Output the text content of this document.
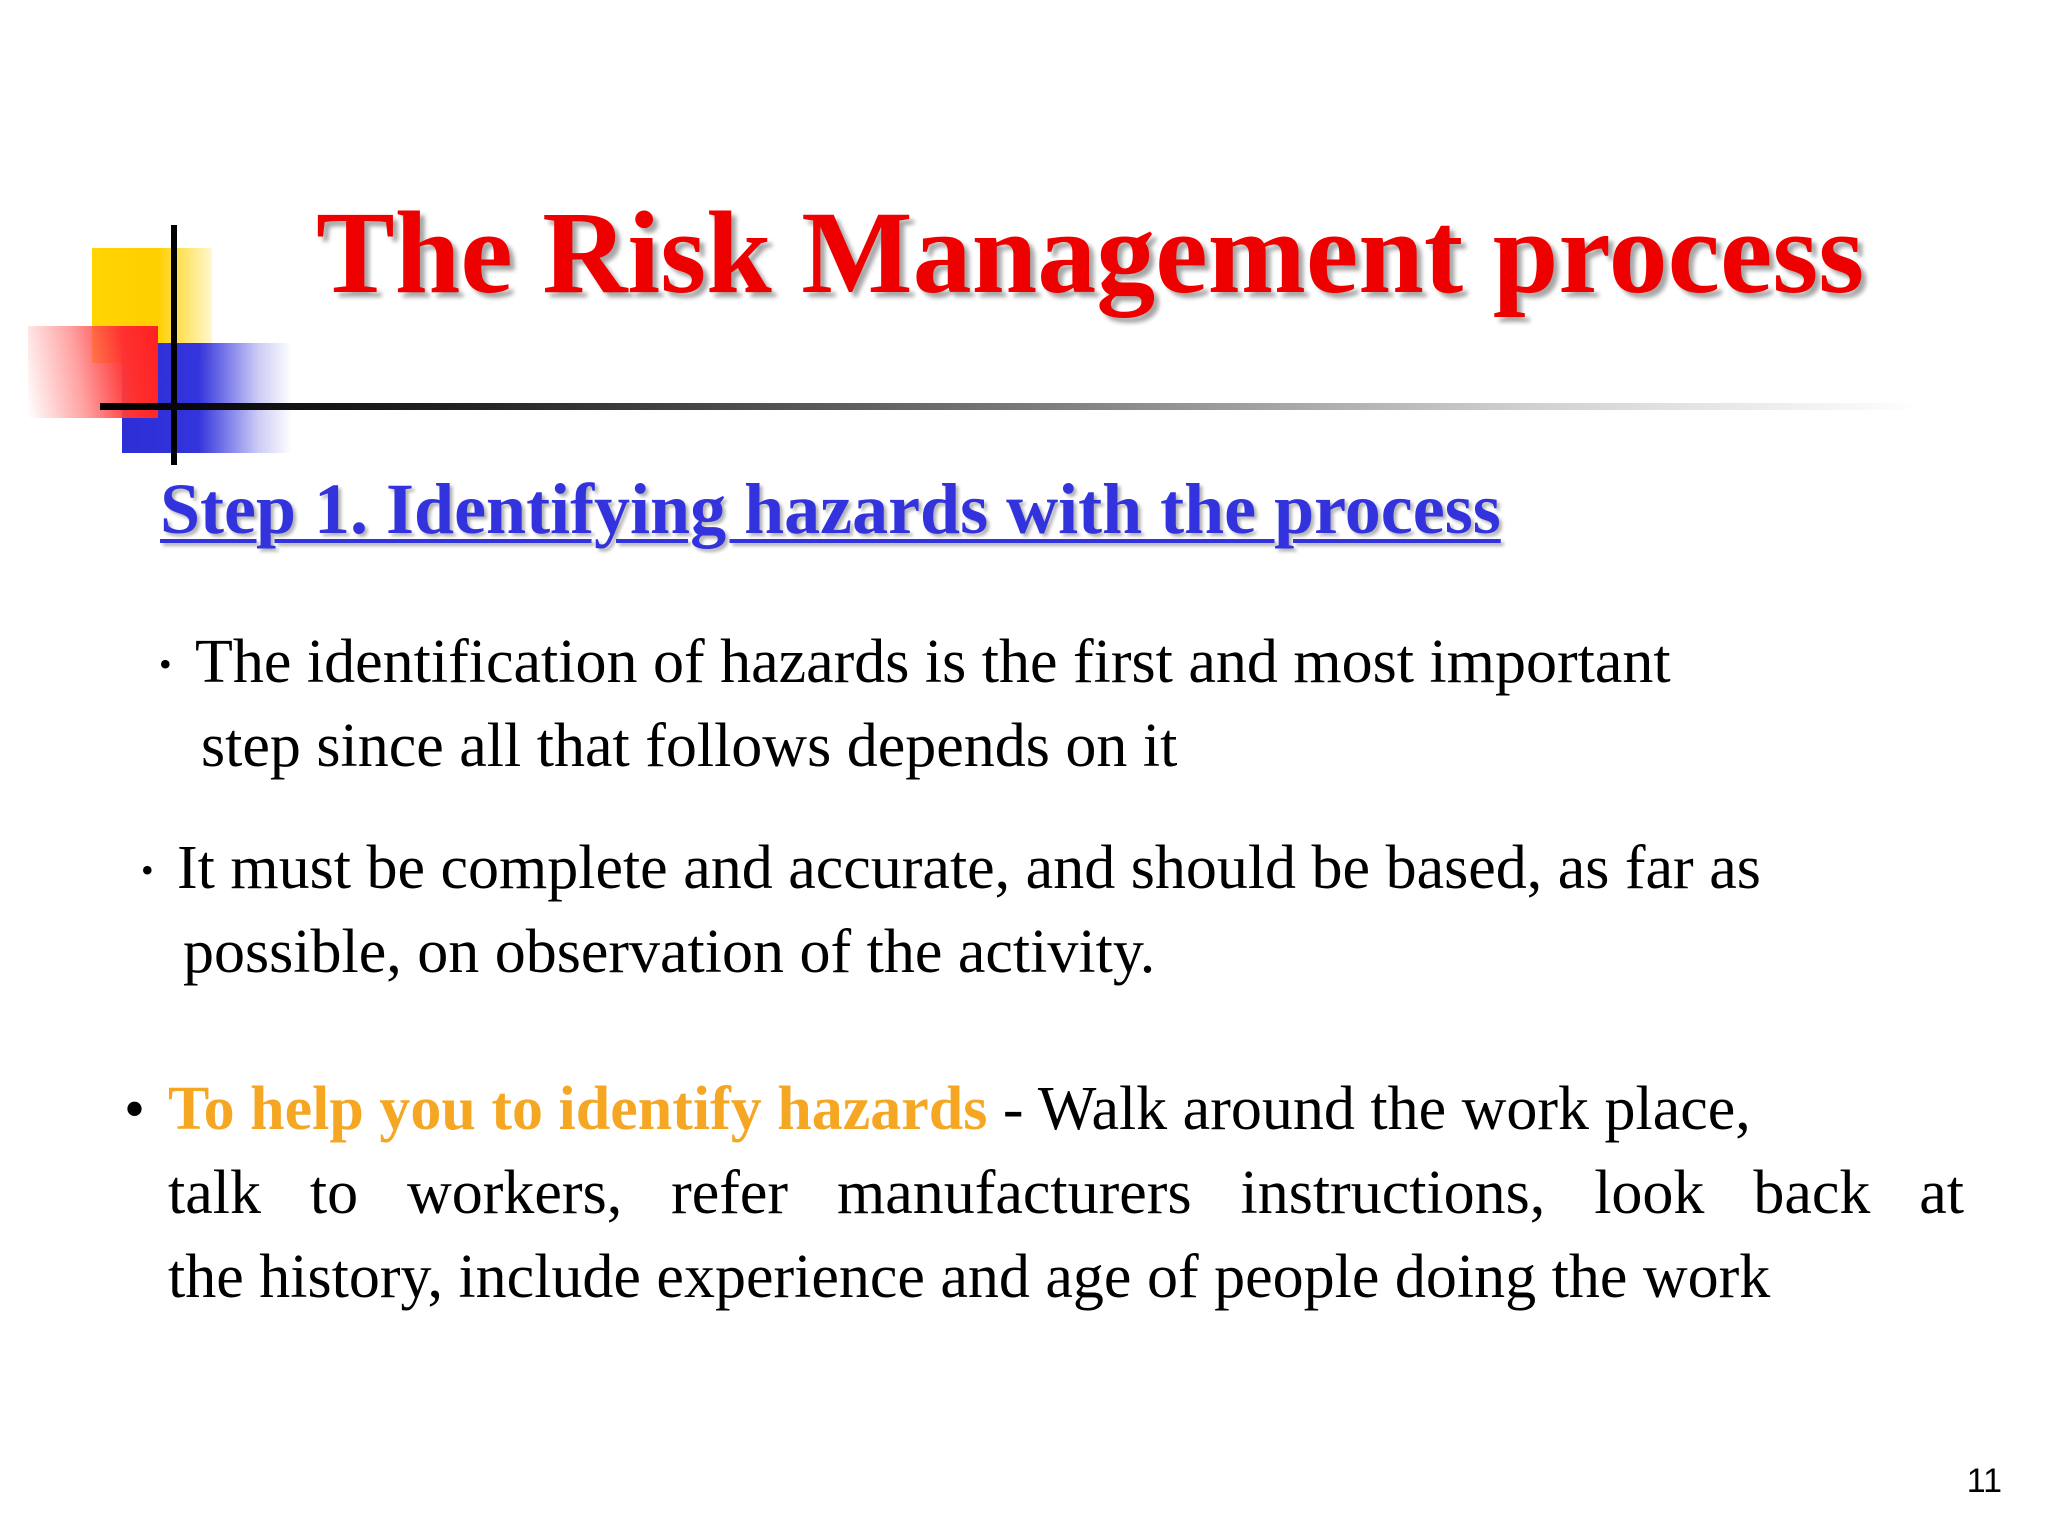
The Risk Management process
Step 1. Identifying hazards with the process
• The identification of hazards is the first and most important
step since all that follows depends on it
• It must be complete and accurate, and should be based, as far as
possible, on observation of the activity.
• To help you to identify hazards - Walk around the work place,
talk to workers, refer manufacturers instructions, look back at
the history, include experience and age of people doing the work
11
